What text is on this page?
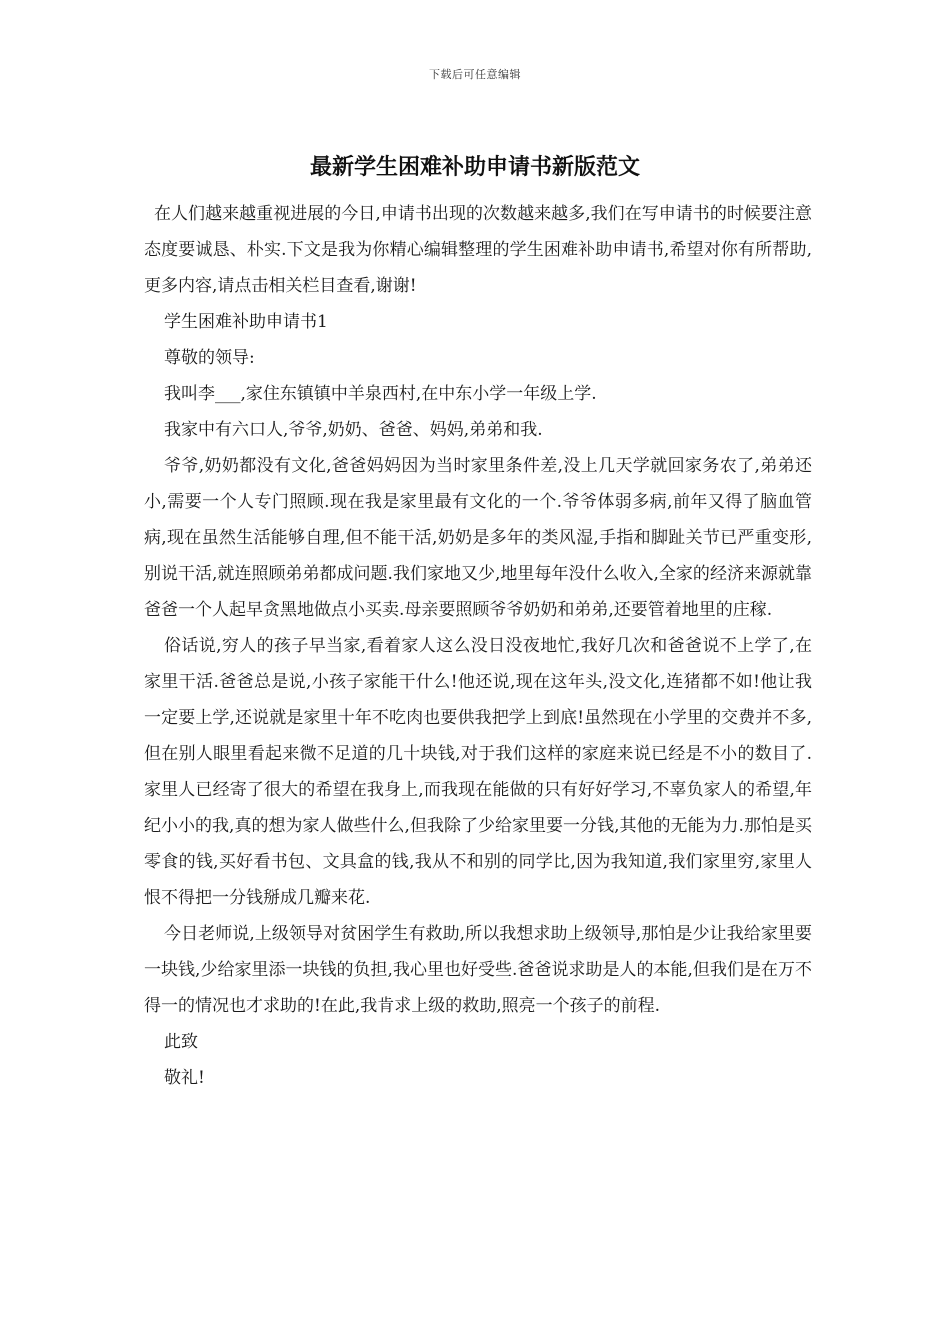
下载后可任意编辑
最新学生困难补助申请书新版范文

在人们越来越重视进展的今日,申请书出现的次数越来越多,我们在写申请书的时候要注意态度要诚恳、朴实.下文是我为你精心编辑整理的学生困难补助申请书,希望对你有所帮助,更多内容,请点击相关栏目查看,谢谢!

学生困难补助申请书1

尊敬的领导:

我叫李___,家住东镇镇中羊泉西村,在中东小学一年级上学.

我家中有六口人,爷爷,奶奶、爸爸、妈妈,弟弟和我.

爷爷,奶奶都没有文化,爸爸妈妈因为当时家里条件差,没上几天学就回家务农了,弟弟还小,需要一个人专门照顾.现在我是家里最有文化的一个.爷爷体弱多病,前年又得了脑血管病,现在虽然生活能够自理,但不能干活,奶奶是多年的类风湿,手指和脚趾关节已严重变形,别说干活,就连照顾弟弟都成问题.我们家地又少,地里每年没什么收入,全家的经济来源就靠爸爸一个人起早贪黑地做点小买卖.母亲要照顾爷爷奶奶和弟弟,还要管着地里的庄稼.

俗话说,穷人的孩子早当家,看着家人这么没日没夜地忙,我好几次和爸爸说不上学了,在家里干活.爸爸总是说,小孩子家能干什么!他还说,现在这年头,没文化,连猪都不如!他让我一定要上学,还说就是家里十年不吃肉也要供我把学上到底!虽然现在小学里的交费并不多,但在别人眼里看起来微不足道的几十块钱,对于我们这样的家庭来说已经是不小的数目了.家里人已经寄了很大的希望在我身上,而我现在能做的只有好好学习,不辜负家人的希望,年纪小小的我,真的想为家人做些什么,但我除了少给家里要一分钱,其他的无能为力.那怕是买零食的钱,买好看书包、文具盒的钱,我从不和别的同学比,因为我知道,我们家里穷,家里人恨不得把一分钱掰成几瓣来花.

今日老师说,上级领导对贫困学生有救助,所以我想求助上级领导,那怕是少让我给家里要一块钱,少给家里添一块钱的负担,我心里也好受些.爸爸说求助是人的本能,但我们是在万不得一的情况也才求助的!在此,我肯求上级的救助,照亮一个孩子的前程.

此致

敬礼!
